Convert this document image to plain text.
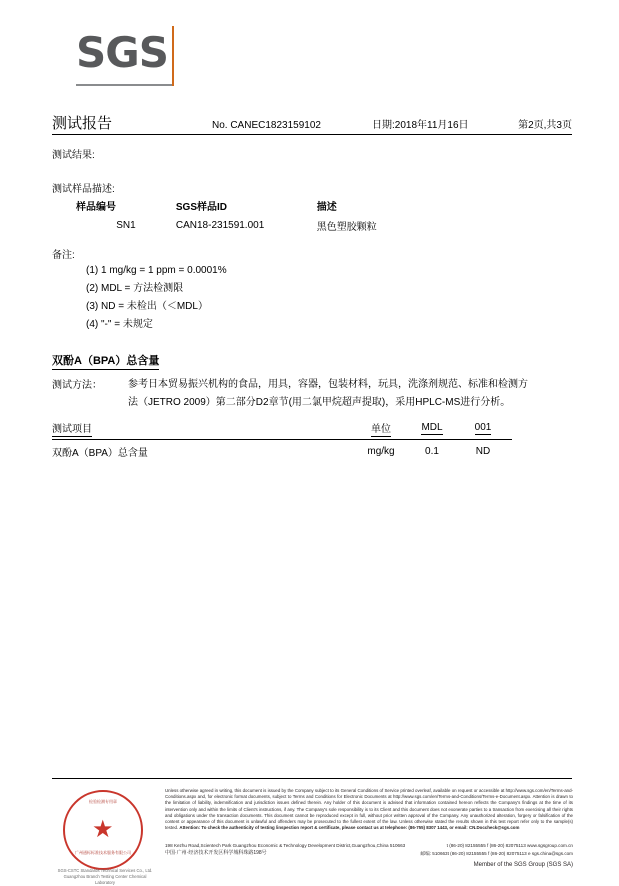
SGS
测试报告	No. CANEC1823159102	日期:2018年11月16日	第2页,共3页
测试结果:
测试样品描述:
样品编号	SGS样品ID	描述
SN1	CAN18-231591.001	黑色塑胶颗粒
备注:
(1) 1 mg/kg = 1 ppm = 0.0001%
(2) MDL = 方法检测限
(3) ND = 未检出（＜MDL）
(4) "-" = 未规定
双酚A（BPA）总含量
测试方法：	参考日本贸易振兴机构的食品，用具，容器，包装材料，玩具，洗涤剂规范、标准和检测方
法（JETRO 2009）第二部分D2章节(用二氯甲烷超声提取)，采用HPLC-MS进行分析。
测试项目	单位	MDL	001
双酚A（BPA）总含量	mg/kg	0.1	ND
检验检测专用章
广州通标标准技术服务有限公司
SGS-CSTC Standards Technical Services Co., Ltd.
Guangzhou Branch Testing Center Chemical Laboratory
Unless otherwise agreed in writing, this document is issued by the Company subject to its General Conditions of Service printed overleaf, available on request or accessible at http://www.sgs.com/en/Terms-and-Conditions.aspx and, for electronic format documents, subject to Terms and Conditions for Electronic Documents at http://www.sgs.com/en/Terms-and-Conditions/Terms-e-Document.aspx. Attention is drawn to the limitation of liability, indemnification and jurisdiction issues defined therein. Any holder of this document is advised that information contained hereon reflects the Company's findings at the time of its intervention only and within the limits of Client's instructions, if any. The Company's sole responsibility is to its Client and this document does not exonerate parties to a transaction from exercising all their rights and obligations under the transaction documents. This document cannot be reproduced except in full, without prior written approval of the Company. Any unauthorized alteration, forgery or falsification of the content or appearance of this document is unlawful and offenders may be prosecuted to the fullest extent of the law. Unless otherwise stated the results shown in this test report refer only to the sample(s) tested. Attention: To check the authenticity of testing /inspection report & certificate, please contact us at telephone: (86-755) 8307 1443, or email: CN.Doccheck@sgs.com
198 Kezhu Road,Scientech Park Guangzhou Economic & Technology Development District,Guangzhou,China 510663	t (86-20) 82155555 f (86-20) 82075113 www.sgsgroup.com.cn
中国·广州·经济技术开发区科学城科珠路198号	邮编: 510663 t (86-20) 82155555 f (86-20) 82075113 e sgs.china@sgs.com
Member of the SGS Group (SGS SA)
